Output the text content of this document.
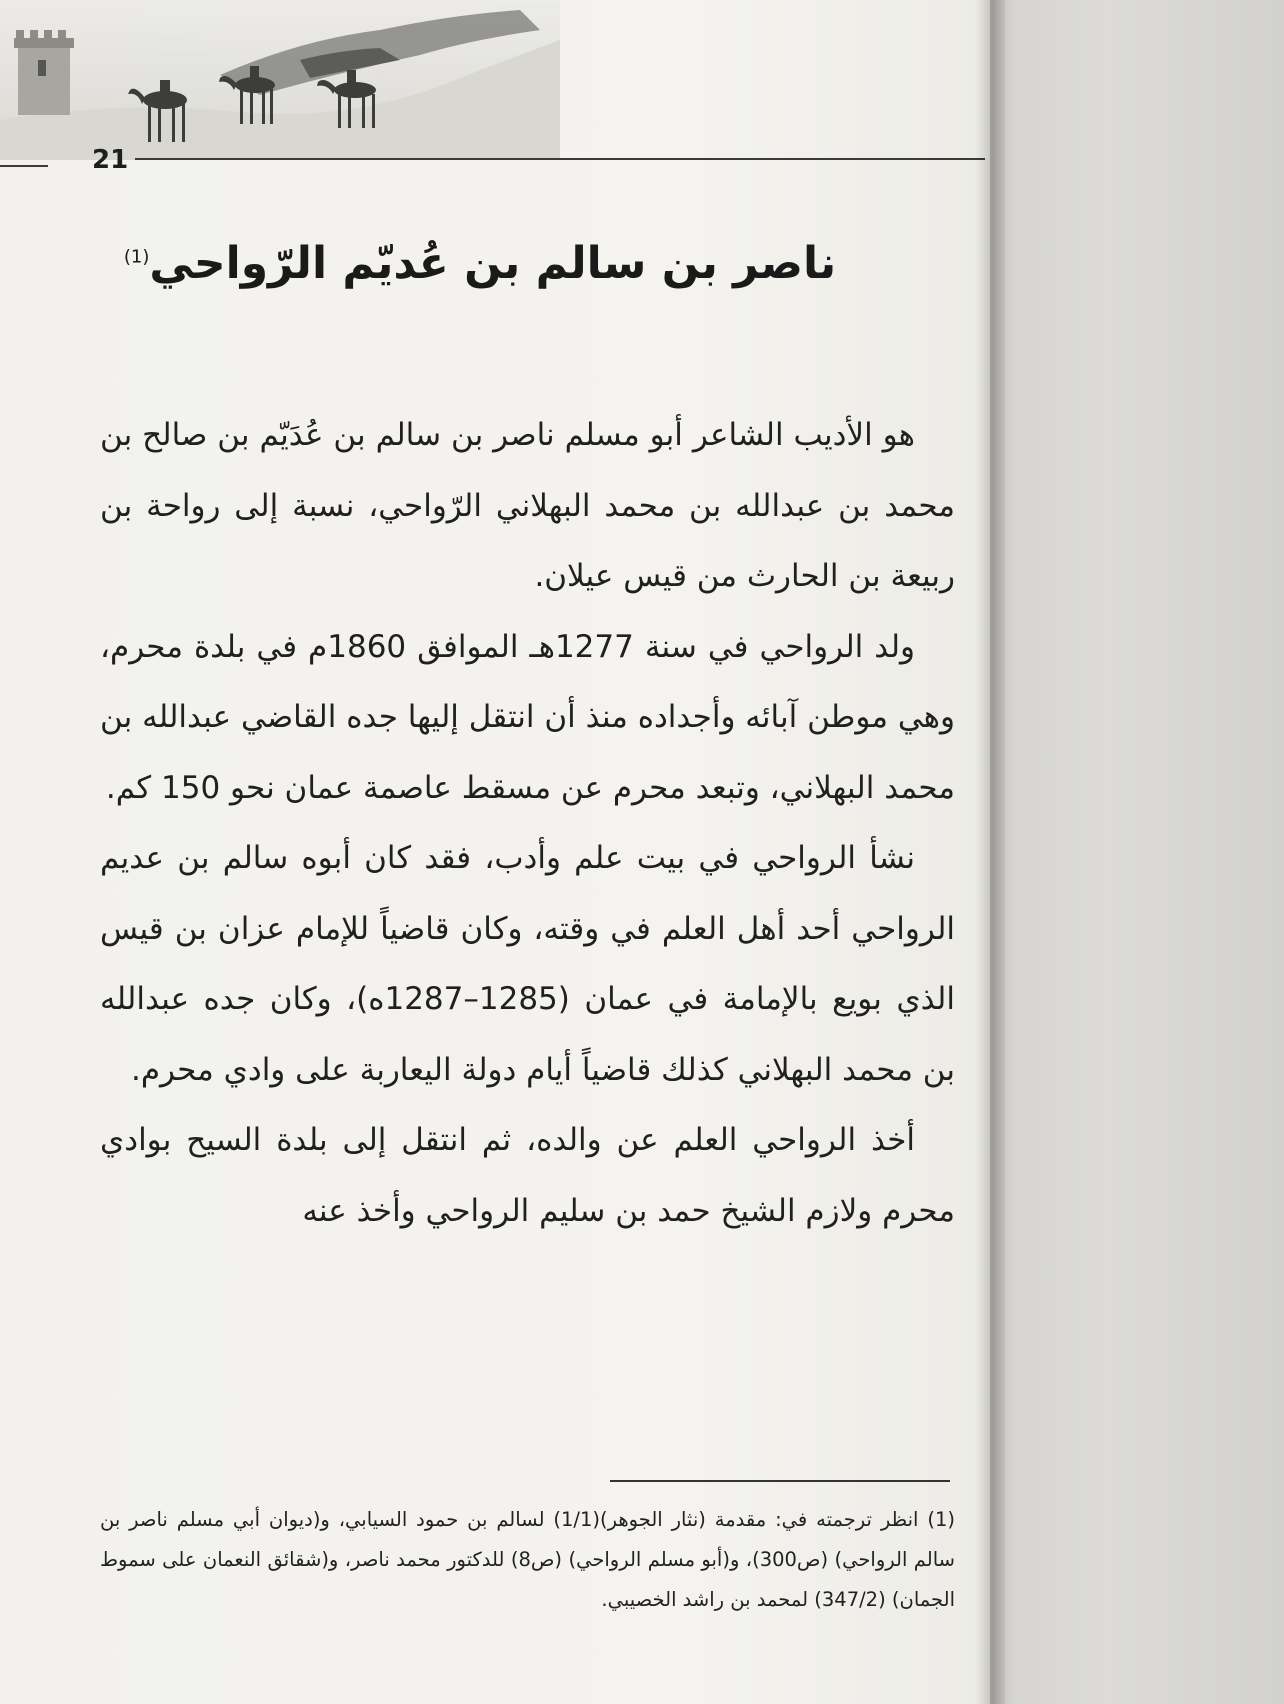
21
ناصر بن سالم بن عُديّم الرّواحي$^{(1)}$

هو الأديب الشاعر أبو مسلم ناصر بن سالم بن عُدَيّم بن صالح بن محمد بن عبدالله بن محمد البهلاني الرّواحي، نسبة إلى رواحة بن ربيعة بن الحارث من قيس عيلان.

ولد الرواحي في سنة 1277هـ الموافق 1860م في بلدة محرم، وهي موطن آبائه وأجداده منذ أن انتقل إليها جده القاضي عبدالله بن محمد البهلاني، وتبعد محرم عن مسقط عاصمة عمان نحو 150 كم.

نشأ الرواحي في بيت علم وأدب، فقد كان أبوه سالم بن عديم الرواحي أحد أهل العلم في وقته، وكان قاضياً للإمام عزان بن قيس الذي بويع بالإمامة في عمان (1285–1287ه)، وكان جده عبدالله بن محمد البهلاني كذلك قاضياً أيام دولة اليعاربة على وادي محرم.

أخذ الرواحي العلم عن والده، ثم انتقل إلى بلدة السيح بوادي محرم ولازم الشيخ حمد بن سليم الرواحي وأخذ عنه

(1) انظر ترجمته في: مقدمة (نثار الجوهر)(1/1) لسالم بن حمود السيابي، و(ديوان أبي مسلم ناصر بن سالم الرواحي) (ص300)، و(أبو مسلم الرواحي) (ص8) للدكتور محمد ناصر، و(شقائق النعمان على سموط الجمان) (347/2) لمحمد بن راشد الخصيبي.
